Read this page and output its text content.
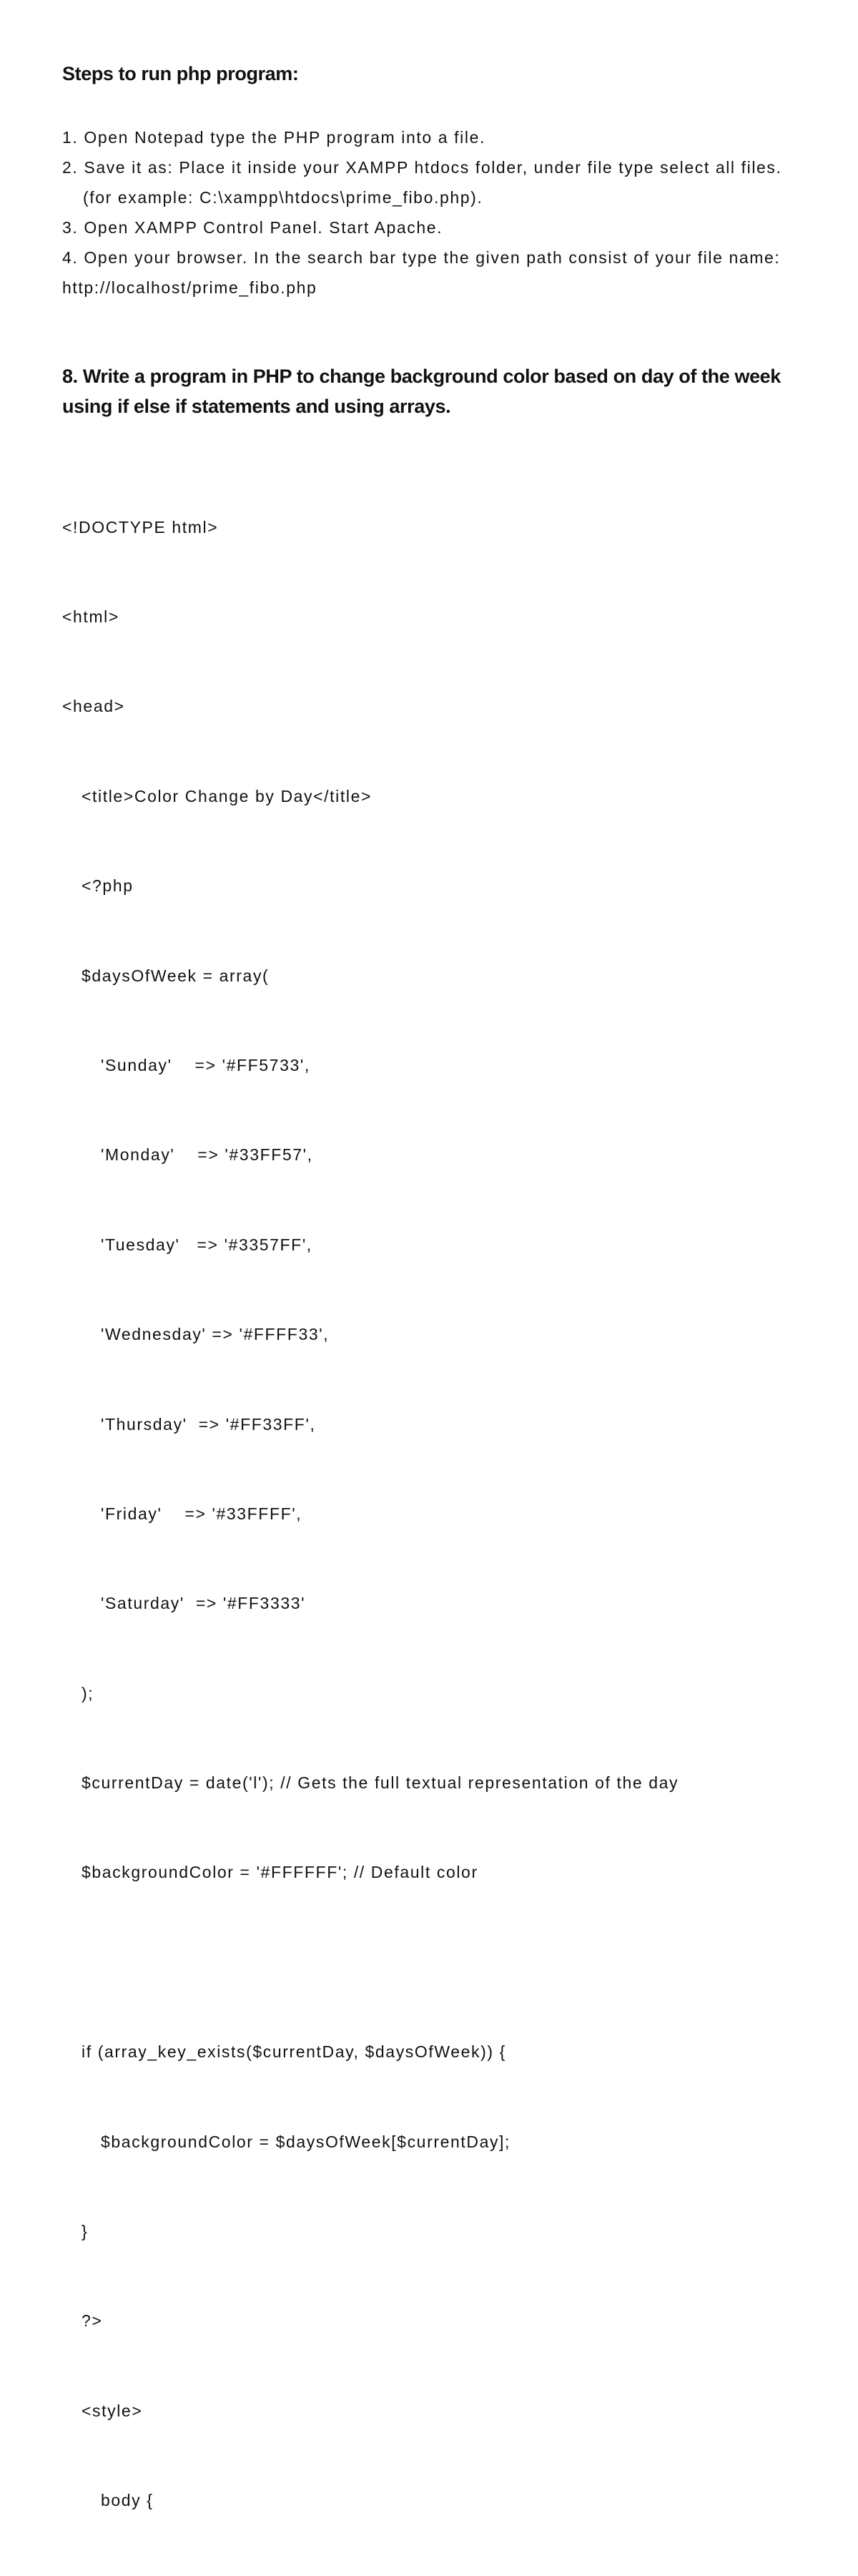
Steps to run php program:
1. Open Notepad type the PHP program into a file.
2. Save it as: Place it inside your XAMPP htdocs folder, under file type select all files.
(for example: C:\xampp\htdocs\prime_fibo.php).
3. Open XAMPP Control Panel. Start Apache.
4. Open your browser. In the search bar type the given path consist of your file name:
http://localhost/prime_fibo.php
8. Write a program in PHP to change background color based on day of the week using if else if statements and using arrays.

<!DOCTYPE html>

<html>

<head>

<title>Color Change by Day</title>

<?php

$daysOfWeek = array(

'Sunday'    => '#FF5733',

'Monday'    => '#33FF57',

'Tuesday'   => '#3357FF',

'Wednesday' => '#FFFF33',

'Thursday'  => '#FF33FF',

'Friday'    => '#33FFFF',

'Saturday'  => '#FF3333'

);

$currentDay = date('l'); // Gets the full textual representation of the day

$backgroundColor = '#FFFFFF'; // Default color

if (array_key_exists($currentDay, $daysOfWeek)) {

$backgroundColor = $daysOfWeek[$currentDay];

}

?>

<style>

body {
